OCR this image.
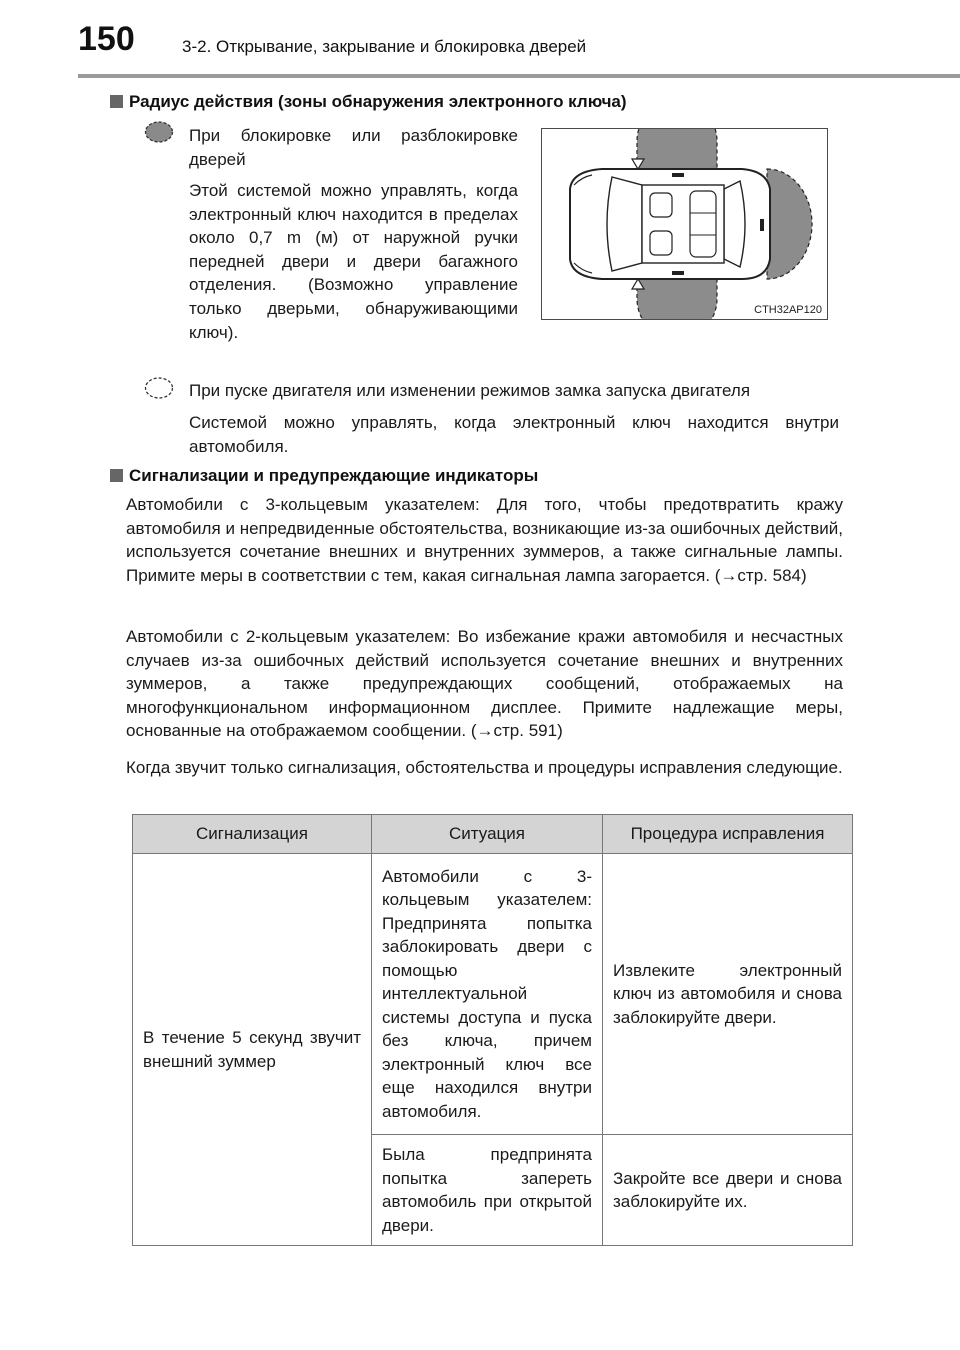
150	3-2. Открывание, закрывание и блокировка дверей
Радиус действия (зоны обнаружения электронного ключа)

При блокировке или разблокировке дверей

Этой системой можно управлять, когда электронный ключ находится в пределах около 0,7 m (м) от наружной ручки передней двери и двери багажного отделения. (Возможно управление только дверьми, обнаруживающими ключ).

CTH32AP120

При пуске двигателя или изменении режимов замка запуска двигателя

Системой можно управлять, когда электронный ключ находится внутри автомобиля.

Сигнализации и предупреждающие индикаторы

Автомобили с 3-кольцевым указателем: Для того, чтобы предотвратить кражу автомобиля и непредвиденные обстоятельства, возникающие из-за ошибочных действий, используется сочетание внешних и внутренних зуммеров, а также сигнальные лампы. Примите меры в соответствии с тем, какая сигнальная лампа загорается. (→стр. 584)

Автомобили с 2-кольцевым указателем: Во избежание кражи автомобиля и несчастных случаев из-за ошибочных действий используется сочетание внешних и внутренних зуммеров, а также предупреждающих сообщений, отображаемых на многофункциональном информационном дисплее. Примите надлежащие меры, основанные на отображаемом сообщении. (→стр. 591)

Когда звучит только сигнализация, обстоятельства и процедуры исправления следующие.

Сигнализация	Ситуация	Процедура исправления
В течение 5 секунд звучит внешний зуммер	Автомобили с 3-кольцевым указателем: Предпринята попытка заблокировать двери с помощью интеллектуальной системы доступа и пуска без ключа, причем электронный ключ все еще находился внутри автомобиля.	Извлеките электронный ключ из автомобиля и снова заблокируйте двери.
	Была предпринята попытка запереть автомобиль при открытой двери.	Закройте все двери и снова заблокируйте их.
